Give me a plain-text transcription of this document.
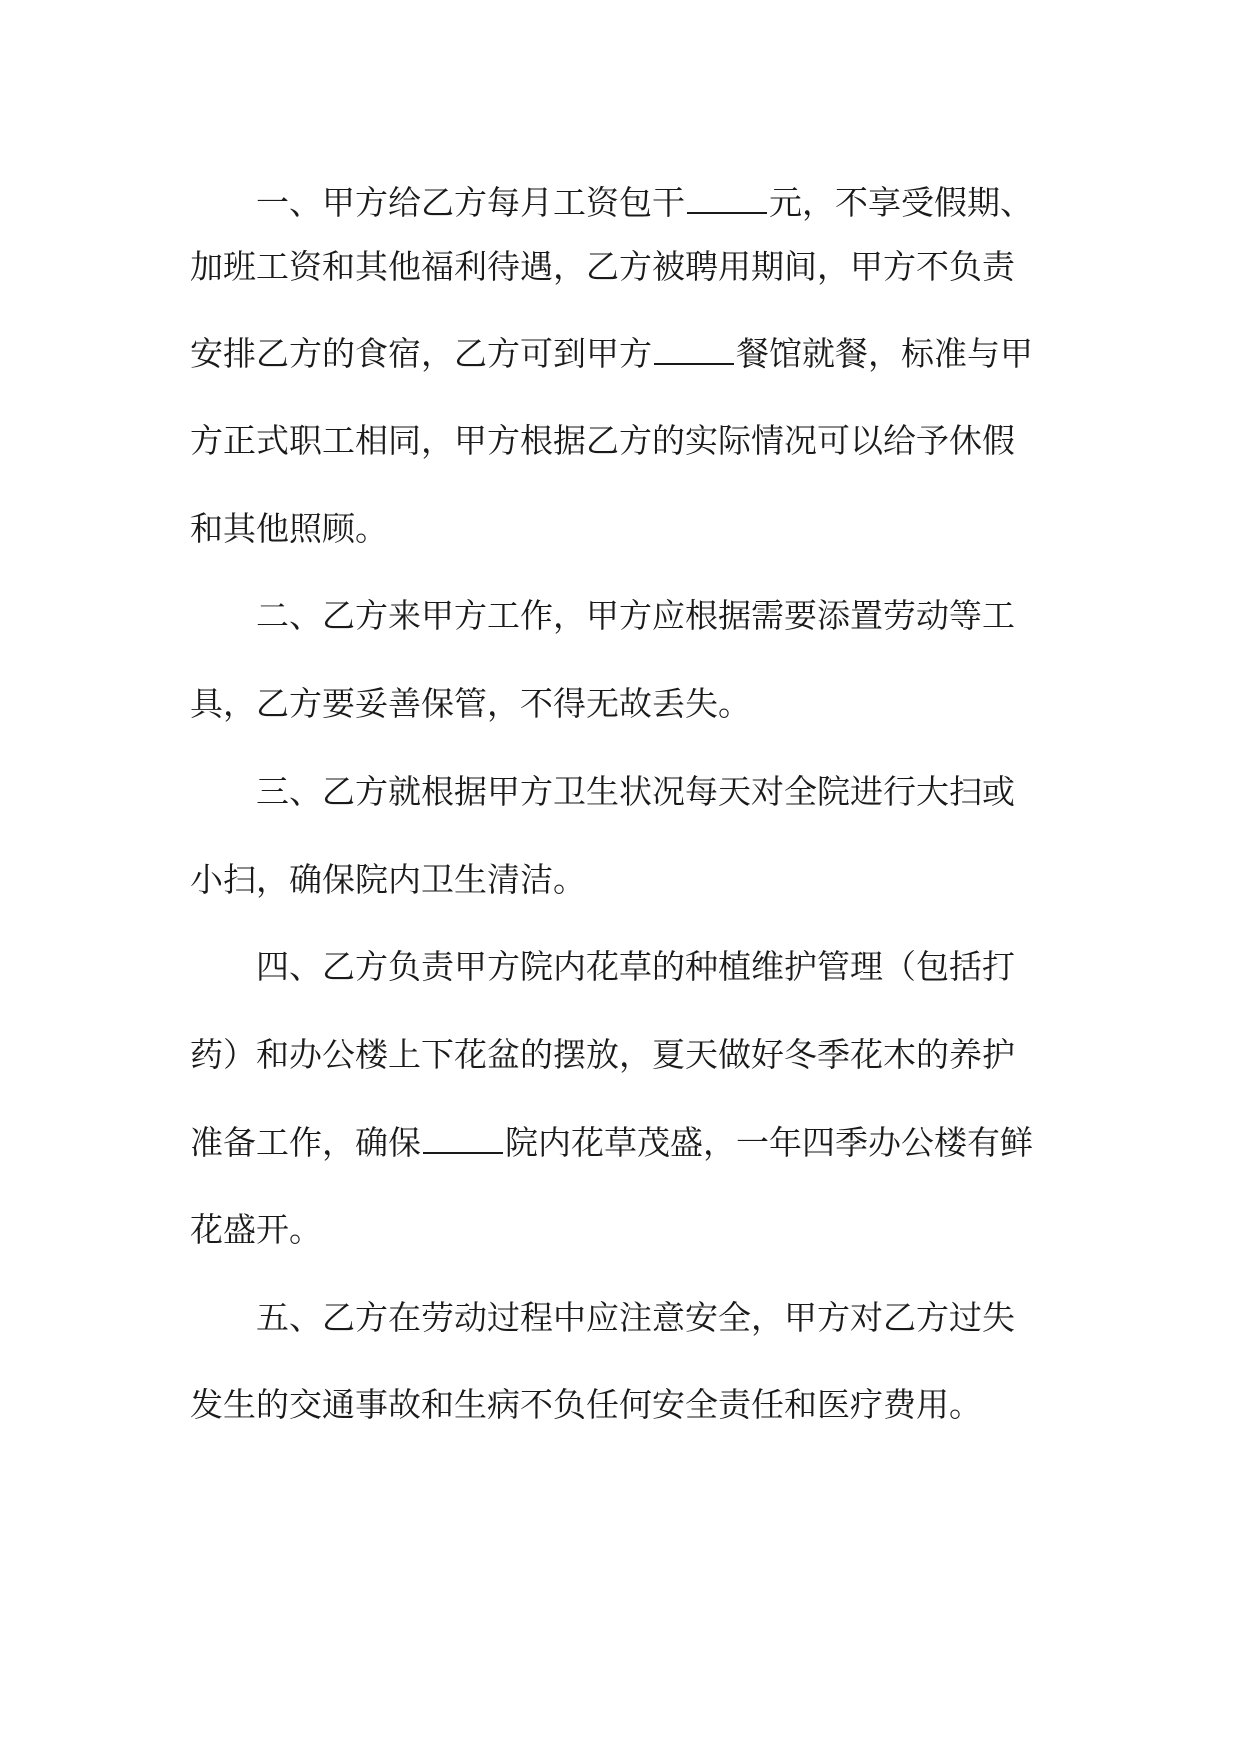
一、甲方给乙方每月工资包干	元，不享受假期、
加班工资和其他福利待遇，乙方被聘用期间，甲方不负责
安排乙方的食宿，乙方可到甲方	餐馆就餐，标准与甲
方正式职工相同，甲方根据乙方的实际情况可以给予休假
和其他照顾。
二、乙方来甲方工作，甲方应根据需要添置劳动等工
具，乙方要妥善保管，不得无故丢失。
三、乙方就根据甲方卫生状况每天对全院进行大扫或
小扫，确保院内卫生清洁。
四、乙方负责甲方院内花草的种植维护管理（包括打
药）和办公楼上下花盆的摆放，夏天做好冬季花木的养护
准备工作，确保	院内花草茂盛，一年四季办公楼有鲜
花盛开。
五、乙方在劳动过程中应注意安全，甲方对乙方过失
发生的交通事故和生病不负任何安全责任和医疗费用。
